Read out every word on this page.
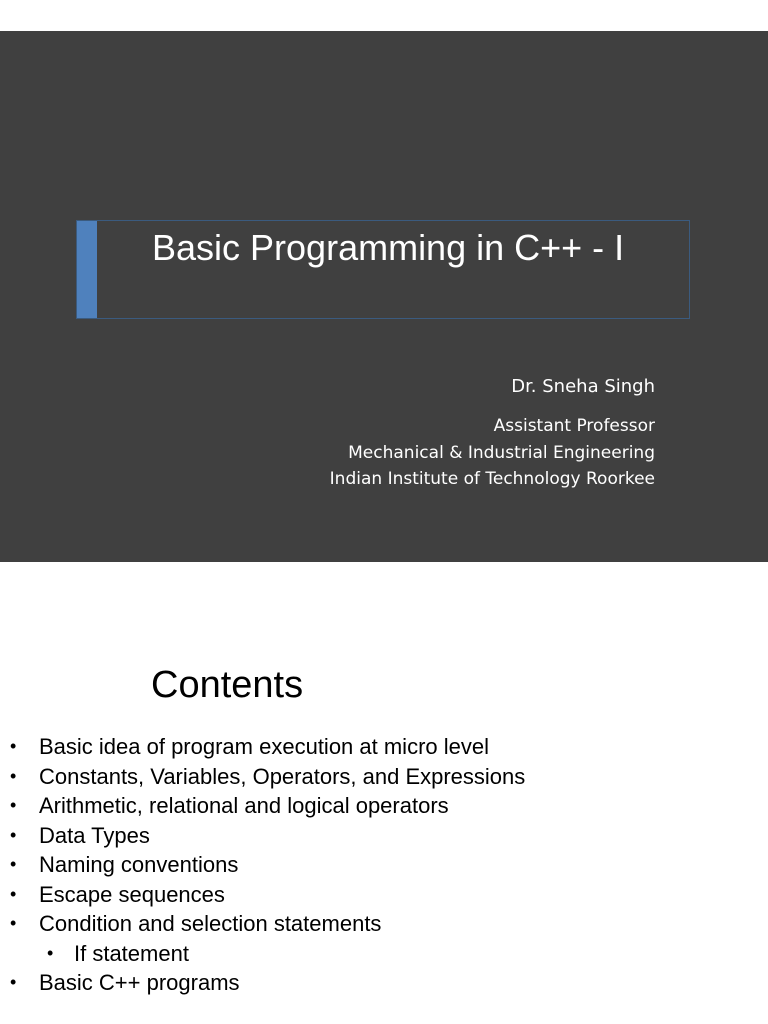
Basic Programming in C++ - I
Dr. Sneha Singh
Assistant Professor
Mechanical & Industrial Engineering
Indian Institute of Technology Roorkee
Contents
• Basic idea of program execution at micro level
• Constants, Variables, Operators, and Expressions
• Arithmetic, relational and logical operators
• Data Types
• Naming conventions
• Escape sequences
• Condition and selection statements
• If statement
• Basic C++ programs
